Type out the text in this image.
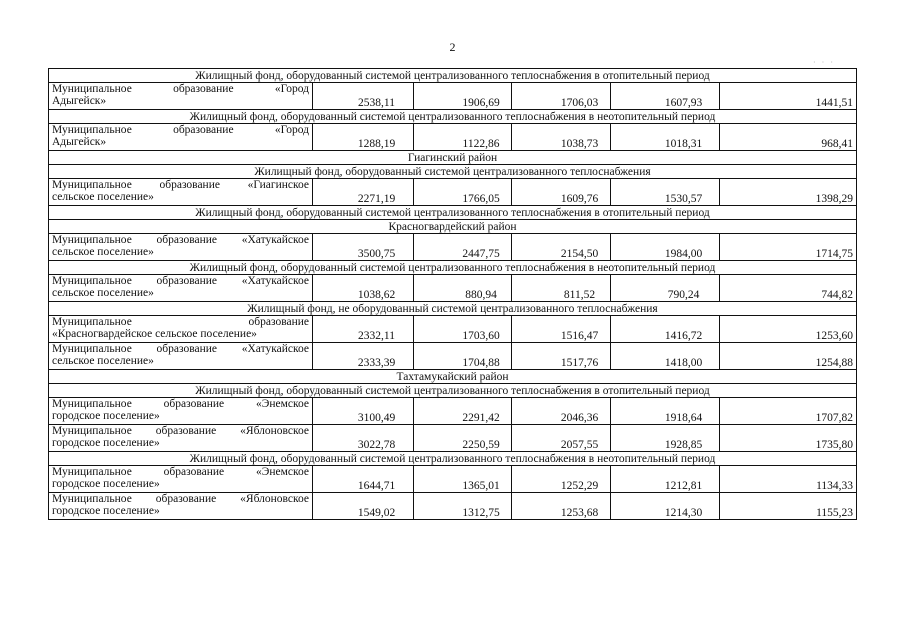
2
· · ·
Жилищный фонд, оборудованный системой централизованного теплоснабжения в отопительный период					

Муниципальное образование «Город
Адыгейск»	2538,11	1906,69	1706,03	1607,93	1441,51
Жилищный фонд, оборудованный системой централизованного теплоснабжения в неотопительный период					

Муниципальное образование «Город
Адыгейск»	1288,19	1122,86	1038,73	1018,31	968,41
Гиагинский район					
Жилищный фонд, оборудованный системой централизованного теплоснабжения					

Муниципальное образование «Гиагинское
сельское поселение»	2271,19	1766,05	1609,76	1530,57	1398,29
Жилищный фонд, оборудованный системой централизованного теплоснабжения в отопительный период					
Красногвардейский район					

Муниципальное образование «Хатукайское
сельское поселение»	3500,75	2447,75	2154,50	1984,00	1714,75
Жилищный фонд, оборудованный системой централизованного теплоснабжения в неотопительный период					

Муниципальное образование «Хатукайское
сельское поселение»	1038,62	880,94	811,52	790,24	744,82
Жилищный фонд, не оборудованный системой централизованного теплоснабжения					

Муниципальное образование
«Красногвардейское сельское поселение»	2332,11	1703,60	1516,47	1416,72	1253,60

Муниципальное образование «Хатукайское
сельское поселение»	2333,39	1704,88	1517,76	1418,00	1254,88
Тахтамукайский район					
Жилищный фонд, оборудованный системой централизованного теплоснабжения в отопительный период					

Муниципальное образование «Энемское
городское поселение»	3100,49	2291,42	2046,36	1918,64	1707,82

Муниципальное образование «Яблоновское
городское поселение»	3022,78	2250,59	2057,55	1928,85	1735,80
Жилищный фонд, оборудованный системой централизованного теплоснабжения в неотопительный период					

Муниципальное образование «Энемское
городское поселение»	1644,71	1365,01	1252,29	1212,81	1134,33

Муниципальное образование «Яблоновское
городское поселение»	1549,02	1312,75	1253,68	1214,30	1155,23
